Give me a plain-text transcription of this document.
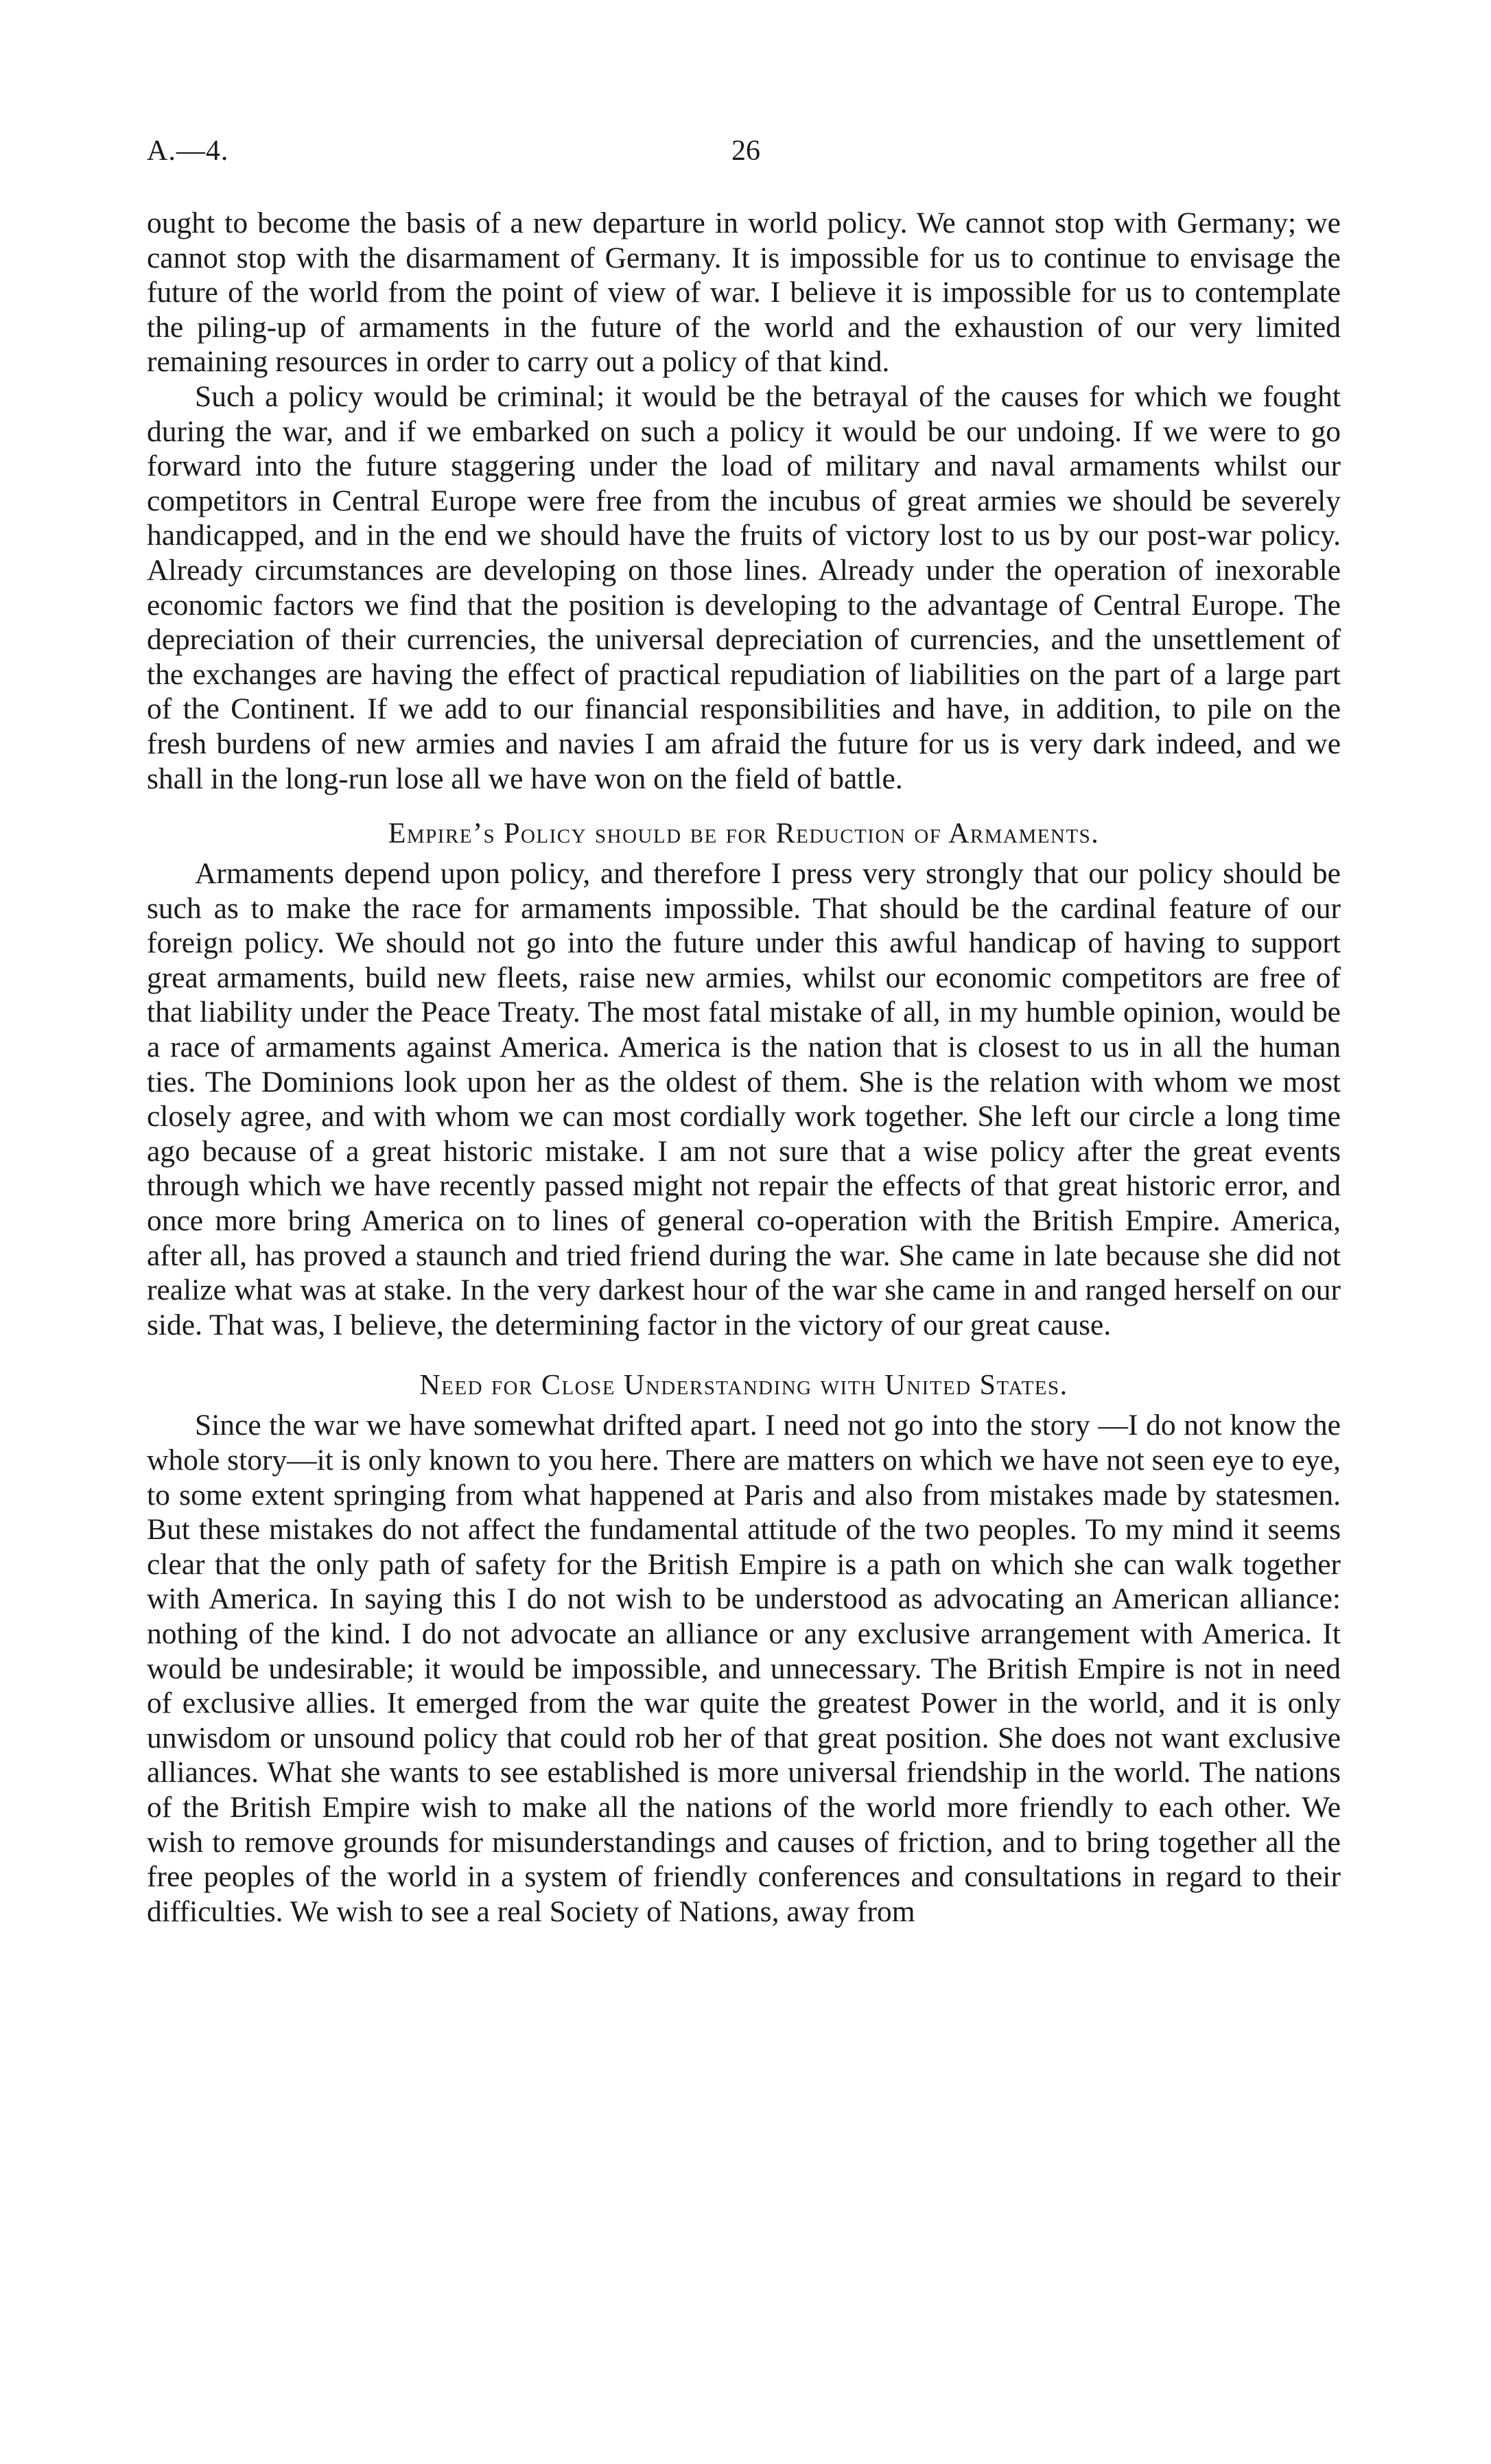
A.—4.	26

ought to become the basis of a new departure in world policy. We cannot stop with Germany; we cannot stop with the disarmament of Germany. It is impossible for us to continue to envisage the future of the world from the point of view of war. I believe it is impossible for us to contemplate the piling-up of armaments in the future of the world and the exhaustion of our very limited remaining resources in order to carry out a policy of that kind.

Such a policy would be criminal; it would be the betrayal of the causes for which we fought during the war, and if we embarked on such a policy it would be our undoing. If we were to go forward into the future staggering under the load of military and naval armaments whilst our competitors in Central Europe were free from the incubus of great armies we should be severely handicapped, and in the end we should have the fruits of victory lost to us by our post-war policy. Already circumstances are developing on those lines. Already under the operation of inexorable economic factors we find that the position is developing to the advantage of Central Europe. The depreciation of their currencies, the universal depreciation of currencies, and the unsettlement of the exchanges are having the effect of practical repudiation of liabilities on the part of a large part of the Continent. If we add to our financial responsibilities and have, in addition, to pile on the fresh burdens of new armies and navies I am afraid the future for us is very dark indeed, and we shall in the long-run lose all we have won on the field of battle.

Empire’s Policy should be for Reduction of Armaments.

Armaments depend upon policy, and therefore I press very strongly that our policy should be such as to make the race for armaments impossible. That should be the cardinal feature of our foreign policy. We should not go into the future under this awful handicap of having to support great armaments, build new fleets, raise new armies, whilst our economic competitors are free of that liability under the Peace Treaty. The most fatal mistake of all, in my humble opinion, would be a race of armaments against America. America is the nation that is closest to us in all the human ties. The Dominions look upon her as the oldest of them. She is the relation with whom we most closely agree, and with whom we can most cordially work together. She left our circle a long time ago because of a great historic mistake. I am not sure that a wise policy after the great events through which we have recently passed might not repair the effects of that great historic error, and once more bring America on to lines of general co-operation with the British Empire. America, after all, has proved a staunch and tried friend during the war. She came in late because she did not realize what was at stake. In the very darkest hour of the war she came in and ranged herself on our side. That was, I believe, the determining factor in the victory of our great cause.

Need for Close Understanding with United States.

Since the war we have somewhat drifted apart. I need not go into the story —I do not know the whole story—it is only known to you here. There are matters on which we have not seen eye to eye, to some extent springing from what happened at Paris and also from mistakes made by statesmen. But these mistakes do not affect the fundamental attitude of the two peoples. To my mind it seems clear that the only path of safety for the British Empire is a path on which she can walk together with America. In saying this I do not wish to be understood as advocating an American alliance: nothing of the kind. I do not advocate an alliance or any exclusive arrangement with America. It would be undesirable; it would be impossible, and unnecessary. The British Empire is not in need of exclusive allies. It emerged from the war quite the greatest Power in the world, and it is only unwisdom or unsound policy that could rob her of that great position. She does not want exclusive alliances. What she wants to see established is more universal friendship in the world. The nations of the British Empire wish to make all the nations of the world more friendly to each other. We wish to remove grounds for misunderstandings and causes of friction, and to bring together all the free peoples of the world in a system of friendly conferences and consultations in regard to their difficulties. We wish to see a real Society of Nations, away from
